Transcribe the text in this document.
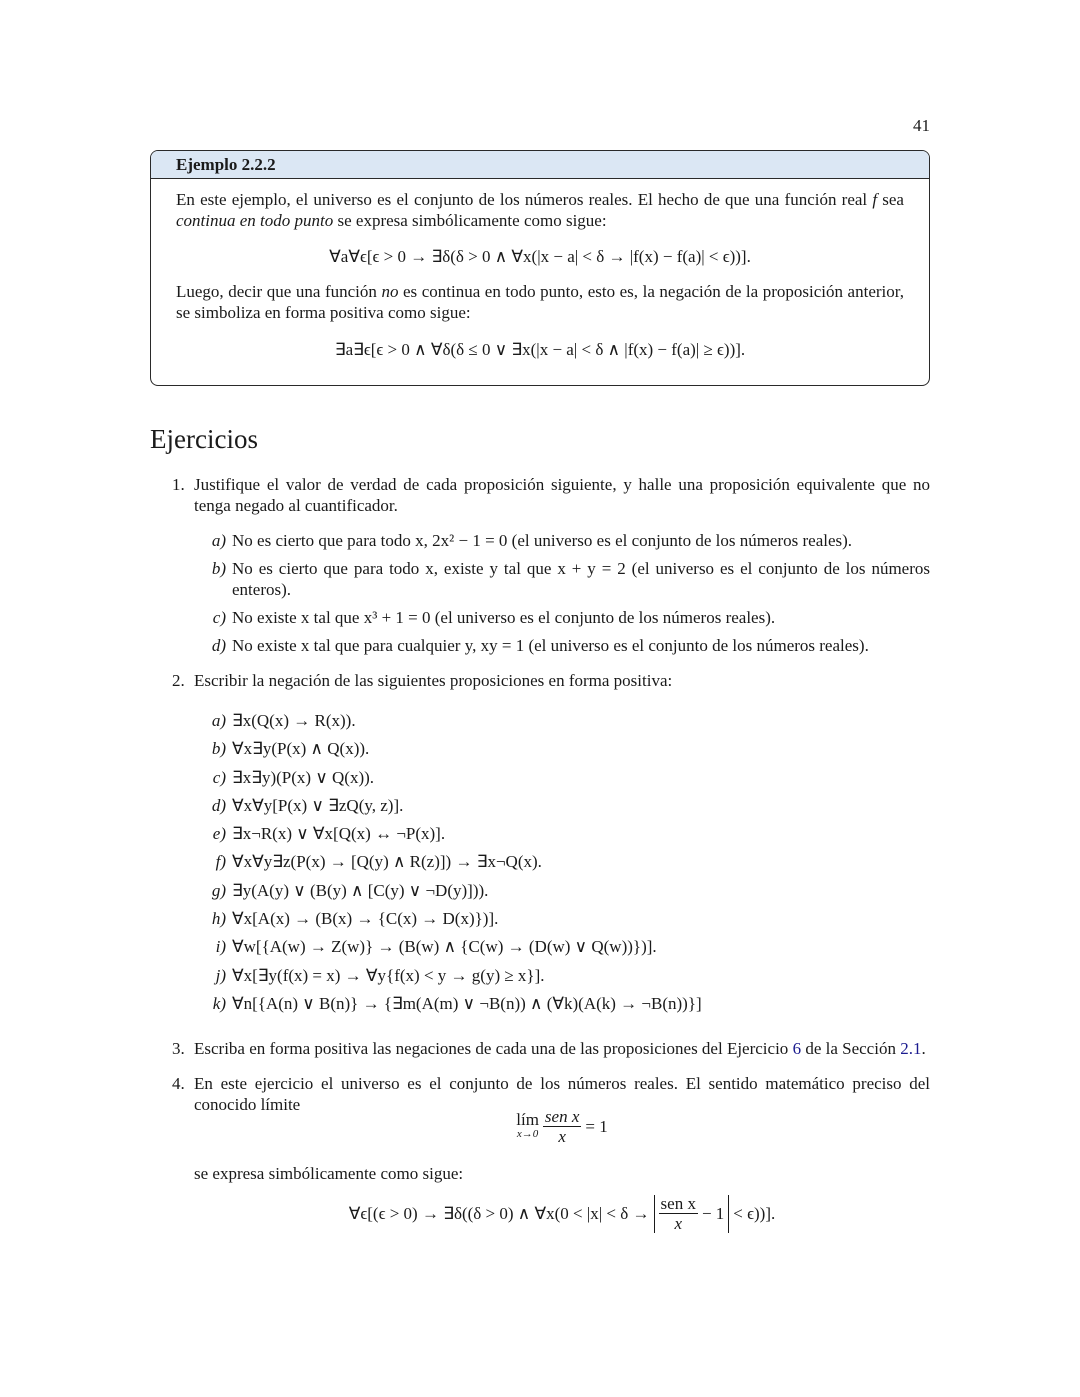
41
Ejemplo 2.2.2

En este ejemplo, el universo es el conjunto de los números reales. El hecho de que una función real f sea continua en todo punto se expresa simbólicamente como sigue:

∀a∀ϵ[ϵ > 0 → ∃δ(δ > 0 ∧ ∀x(|x − a| < δ → |f(x) − f(a)| < ϵ))].

Luego, decir que una función no es continua en todo punto, esto es, la negación de la proposición anterior, se simboliza en forma positiva como sigue:

∃a∃ϵ[ϵ > 0 ∧ ∀δ(δ ≤ 0 ∨ ∃x(|x − a| < δ ∧ |f(x) − f(a)| ≥ ϵ))].
Ejercicios
1. Justifique el valor de verdad de cada proposición siguiente, y halle una proposición equivalente que no tenga negado al cuantificador.
a) No es cierto que para todo x, 2x² − 1 = 0 (el universo es el conjunto de los números reales).
b) No es cierto que para todo x, existe y tal que x + y = 2 (el universo es el conjunto de los números enteros).
c) No existe x tal que x³ + 1 = 0 (el universo es el conjunto de los números reales).
d) No existe x tal que para cualquier y, xy = 1 (el universo es el conjunto de los números reales).
2. Escribir la negación de las siguientes proposiciones en forma positiva:
a) ∃x(Q(x) → R(x)).
b) ∀x∃y(P(x) ∧ Q(x)).
c) ∃x∃y)(P(x) ∨ Q(x)).
d) ∀x∀y[P(x) ∨ ∃zQ(y, z)].
e) ∃x¬R(x) ∨ ∀x[Q(x) ↔ ¬P(x)].
f) ∀x∀y∃z(P(x) → [Q(y) ∧ R(z)]) → ∃x¬Q(x).
g) ∃y(A(y) ∨ (B(y) ∧ [C(y) ∨ ¬D(y)])).
h) ∀x[A(x) → (B(x) → {C(x) → D(x)})].
i) ∀w[{A(w) → Z(w)} → (B(w) ∧ {C(w) → (D(w) ∨ Q(w))})].
j) ∀x[∃y(f(x) = x) → ∀y{f(x) < y → g(y) ≥ x}].
k) ∀n[{A(n) ∨ B(n)} → {∃m(A(m) ∨ ¬B(n)) ∧ (∀k)(A(k) → ¬B(n))}]
3. Escriba en forma positiva las negaciones de cada una de las proposiciones del Ejercicio 6 de la Sección 2.1.
4. En este ejercicio el universo es el conjunto de los números reales. El sentido matemático preciso del conocido límite
lím
$x\to 0 \frac{\text{sen x}}{x} = 1$
se expresa simbólicamente como sigue:
∀ϵ[(ϵ > 0) → ∃δ((δ > 0) ∧ ∀x(0 < $|x| < \delta \to \frac{\text{sen x}}{x} - 1 < \epsilon$))].
